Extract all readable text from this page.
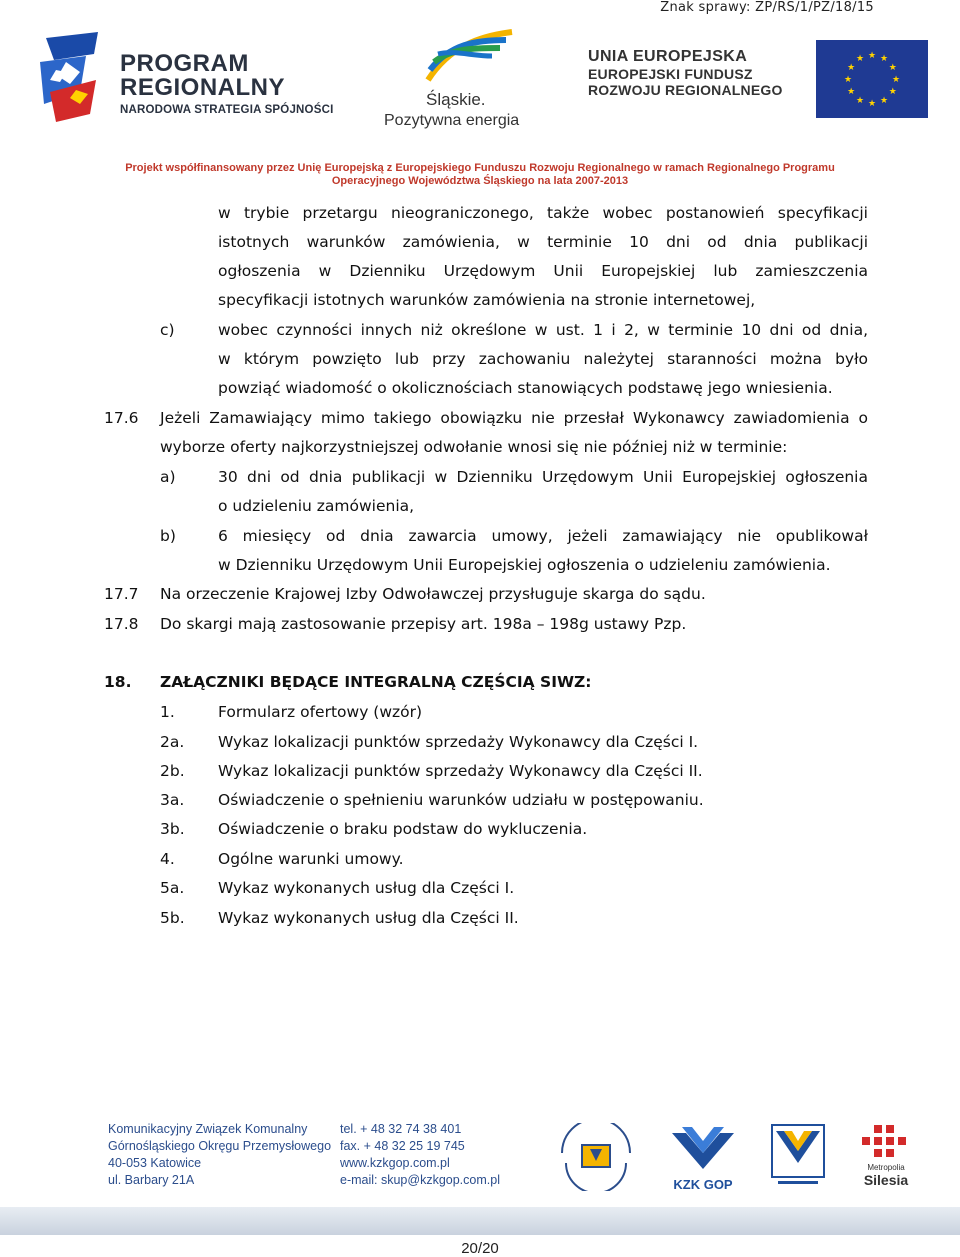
Znak sprawy: ZP/RS/1/PZ/18/15
PROGRAM
REGIONALNY
NARODOWA STRATEGIA SPÓJNOŚCI
Śląskie.
Pozytywna energia
UNIA EUROPEJSKA
EUROPEJSKI FUNDUSZ
ROZWOJU REGIONALNEGO
★
★
★
★
★
★
★
★
★ ★ ★
★
Projekt współfinansowany przez Unię Europejską z Europejskiego Funduszu Rozwoju Regionalnego w ramach Regionalnego Programu
Operacyjnego Województwa Śląskiego na lata 2007-2013
w trybie przetargu nieograniczonego, także wobec postanowień specyfikacji
istotnych warunków zamówienia, w terminie 10 dni od dnia publikacji
ogłoszenia w Dzienniku Urzędowym Unii Europejskiej lub zamieszczenia
specyfikacji istotnych warunków zamówienia na stronie internetowej,
c)	wobec czynności innych niż określone w ust. 1 i 2, w terminie 10 dni od dnia,
w którym powzięto lub przy zachowaniu należytej staranności można było
powziąć wiadomość o okolicznościach stanowiących podstawę jego wniesienia.
17.6 Jeżeli Zamawiający mimo takiego obowiązku nie przesłał Wykonawcy zawiadomienia o
wyborze oferty najkorzystniejszej odwołanie wnosi się nie później niż w terminie:
a)	30 dni od dnia publikacji w Dzienniku Urzędowym Unii Europejskiej ogłoszenia
o udzieleniu zamówienia,
b)	6 miesięcy od dnia zawarcia umowy, jeżeli zamawiający nie opublikował
w Dzienniku Urzędowym Unii Europejskiej ogłoszenia o udzieleniu zamówienia.
17.7 Na orzeczenie Krajowej Izby Odwoławczej przysługuje skarga do sądu.
17.8 Do skargi mają zastosowanie przepisy art. 198a – 198g ustawy Pzp.
18. ZAŁĄCZNIKI BĘDĄCE INTEGRALNĄ CZĘŚCIĄ SIWZ:
1.	Formularz ofertowy (wzór)
2a. Wykaz lokalizacji punktów sprzedaży Wykonawcy dla Części I.
2b. Wykaz lokalizacji punktów sprzedaży Wykonawcy dla Części II.
3a. Oświadczenie o spełnieniu warunków udziału w postępowaniu.
3b. Oświadczenie o braku podstaw do wykluczenia.
4.	Ogólne warunki umowy.
5a. Wykaz wykonanych usług dla Części I.
5b. Wykaz wykonanych usług dla Części II.
Komunikacyjny Związek Komunalny
Górnośląskiego Okręgu Przemysłowego
40-053 Katowice
ul. Barbary 21A
tel. + 48 32 74 38 401
fax. + 48 32 25 19 745
www.kzkgop.com.pl
e-mail: skup@kzkgop.com.pl	KZK GOP
Metropolia
Silesia
20/20
